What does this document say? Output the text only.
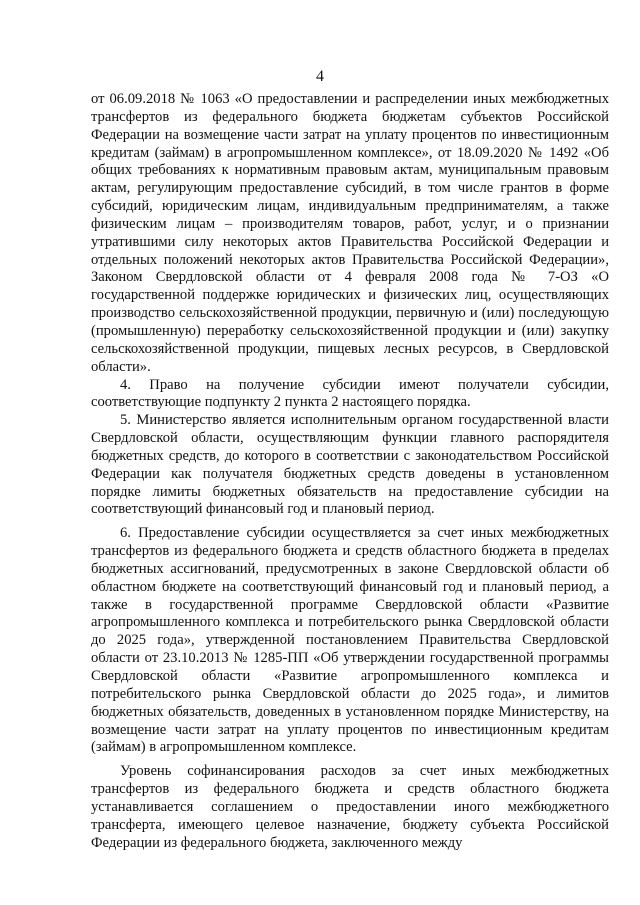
4

от 06.09.2018 № 1063 «О предоставлении и распределении иных межбюджетных трансфертов из федерального бюджета бюджетам субъектов Российской Федерации на возмещение части затрат на уплату процентов по инвестиционным кредитам (займам) в агропромышленном комплексе», от 18.09.2020 № 1492 «Об общих требованиях к нормативным правовым актам, муниципальным правовым актам, регулирующим предоставление субсидий, в том числе грантов в форме субсидий, юридическим лицам, индивидуальным предпринимателям, а также физическим лицам – производителям товаров, работ, услуг, и о признании утратившими силу некоторых актов Правительства Российской Федерации и отдельных положений некоторых актов Правительства Российской Федерации», Законом Свердловской области от 4 февраля 2008 года № 7-ОЗ «О государственной поддержке юридических и физических лиц, осуществляющих производство сельскохозяйственной продукции, первичную и (или) последующую (промышленную) переработку сельскохозяйственной продукции и (или) закупку сельскохозяйственной продукции, пищевых лесных ресурсов, в Свердловской области».

4. Право на получение субсидии имеют получатели субсидии, соответствующие подпункту 2 пункта 2 настоящего порядка.

5. Министерство является исполнительным органом государственной власти Свердловской области, осуществляющим функции главного распорядителя бюджетных средств, до которого в соответствии с законодательством Российской Федерации как получателя бюджетных средств доведены в установленном порядке лимиты бюджетных обязательств на предоставление субсидии на соответствующий финансовый год и плановый период.

6. Предоставление субсидии осуществляется за счет иных межбюджетных трансфертов из федерального бюджета и средств областного бюджета в пределах бюджетных ассигнований, предусмотренных в законе Свердловской области об областном бюджете на соответствующий финансовый год и плановый период, а также в государственной программе Свердловской области «Развитие агропромышленного комплекса и потребительского рынка Свердловской области до 2025 года», утвержденной постановлением Правительства Свердловской области от 23.10.2013 № 1285-ПП «Об утверждении государственной программы Свердловской области «Развитие агропромышленного комплекса и потребительского рынка Свердловской области до 2025 года», и лимитов бюджетных обязательств, доведенных в установленном порядке Министерству, на возмещение части затрат на уплату процентов по инвестиционным кредитам (займам) в агропромышленном комплексе.

Уровень софинансирования расходов за счет иных межбюджетных трансфертов из федерального бюджета и средств областного бюджета устанавливается соглашением о предоставлении иного межбюджетного трансферта, имеющего целевое назначение, бюджету субъекта Российской Федерации из федерального бюджета, заключенного между
